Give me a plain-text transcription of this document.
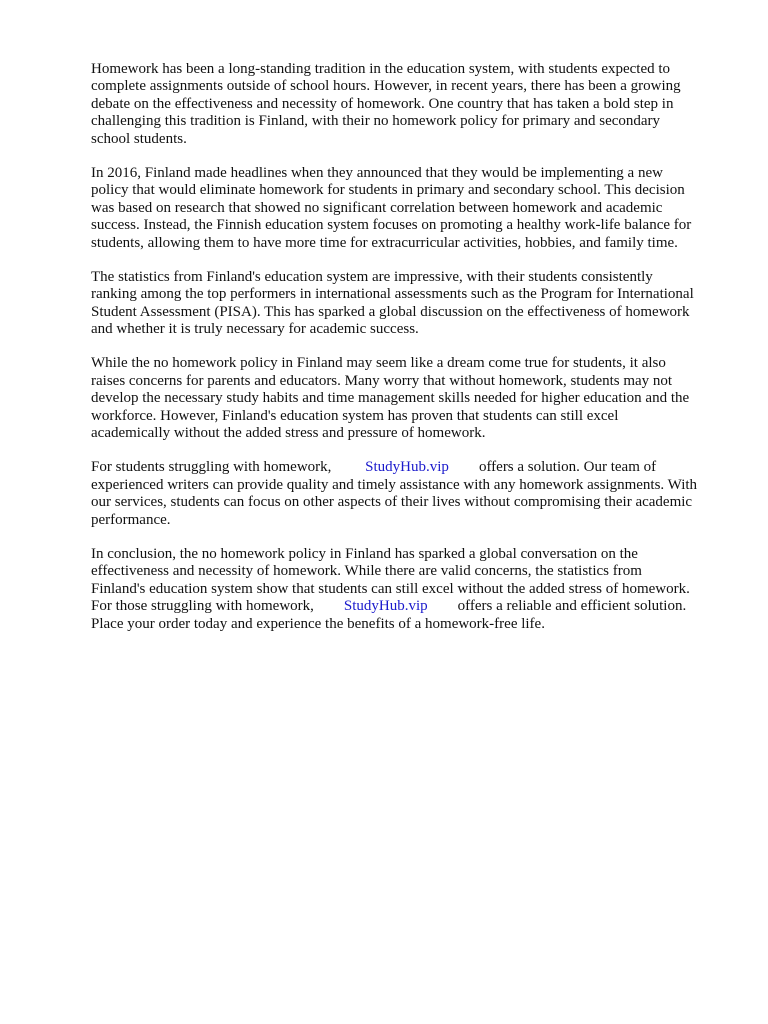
Homework has been a long-standing tradition in the education system, with students expected to
complete assignments outside of school hours. However, in recent years, there has been a growing
debate on the effectiveness and necessity of homework. One country that has taken a bold step in
challenging this tradition is Finland, with their no homework policy for primary and secondary
school students.

In 2016, Finland made headlines when they announced that they would be implementing a new
policy that would eliminate homework for students in primary and secondary school. This decision
was based on research that showed no significant correlation between homework and academic
success. Instead, the Finnish education system focuses on promoting a healthy work-life balance for
students, allowing them to have more time for extracurricular activities, hobbies, and family time.

The statistics from Finland's education system are impressive, with their students consistently
ranking among the top performers in international assessments such as the Program for International
Student Assessment (PISA). This has sparked a global discussion on the effectiveness of homework
and whether it is truly necessary for academic success.

While the no homework policy in Finland may seem like a dream come true for students, it also
raises concerns for parents and educators. Many worry that without homework, students may not
develop the necessary study habits and time management skills needed for higher education and the
workforce. However, Finland's education system has proven that students can still excel
academically without the added stress and pressure of homework.

For students struggling with homework, StudyHub.vip offers a solution. Our team of
experienced writers can provide quality and timely assistance with any homework assignments. With
our services, students can focus on other aspects of their lives without compromising their academic
performance.

In conclusion, the no homework policy in Finland has sparked a global conversation on the
effectiveness and necessity of homework. While there are valid concerns, the statistics from
Finland's education system show that students can still excel without the added stress of homework.
For those struggling with homework, StudyHub.vip offers a reliable and efficient solution.
Place your order today and experience the benefits of a homework-free life.
